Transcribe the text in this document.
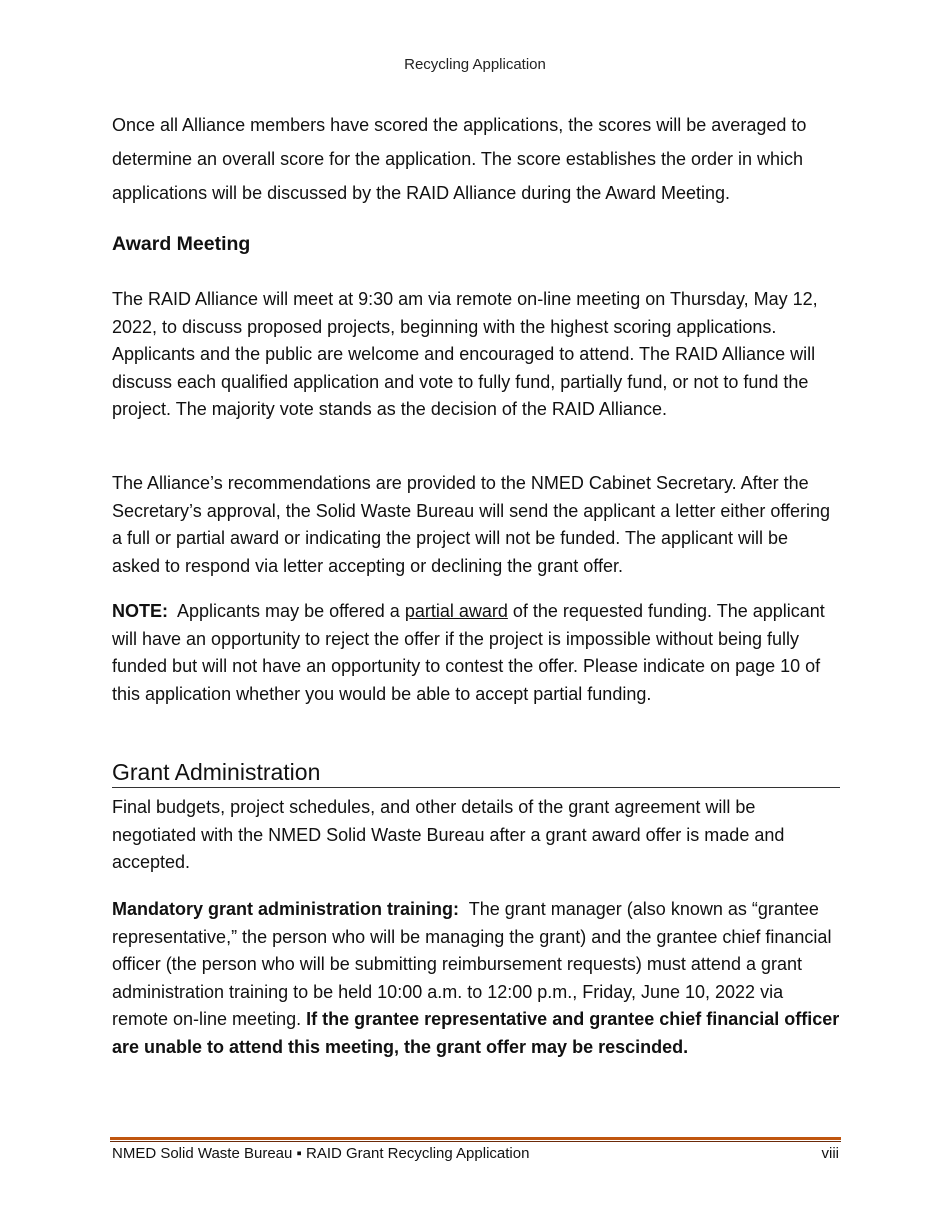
Recycling Application

Once all Alliance members have scored the applications, the scores will be averaged to determine an overall score for the application. The score establishes the order in which applications will be discussed by the RAID Alliance during the Award Meeting.

Award Meeting

The RAID Alliance will meet at 9:30 am via remote on-line meeting on Thursday, May 12, 2022, to discuss proposed projects, beginning with the highest scoring applications. Applicants and the public are welcome and encouraged to attend. The RAID Alliance will discuss each qualified application and vote to fully fund, partially fund, or not to fund the project. The majority vote stands as the decision of the RAID Alliance.

The Alliance’s recommendations are provided to the NMED Cabinet Secretary. After the Secretary’s approval, the Solid Waste Bureau will send the applicant a letter either offering a full or partial award or indicating the project will not be funded. The applicant will be asked to respond via letter accepting or declining the grant offer.

NOTE:  Applicants may be offered a partial award of the requested funding. The applicant will have an opportunity to reject the offer if the project is impossible without being fully funded but will not have an opportunity to contest the offer. Please indicate on page 10 of this application whether you would be able to accept partial funding.

Grant Administration

Final budgets, project schedules, and other details of the grant agreement will be negotiated with the NMED Solid Waste Bureau after a grant award offer is made and accepted.

Mandatory grant administration training:  The grant manager (also known as “grantee representative,” the person who will be managing the grant) and the grantee chief financial officer (the person who will be submitting reimbursement requests) must attend a grant administration training to be held 10:00 a.m. to 12:00 p.m., Friday, June 10, 2022 via remote on-line meeting. If the grantee representative and grantee chief financial officer are unable to attend this meeting, the grant offer may be rescinded.

NMED Solid Waste Bureau ▪ RAID Grant Recycling Application	viii
